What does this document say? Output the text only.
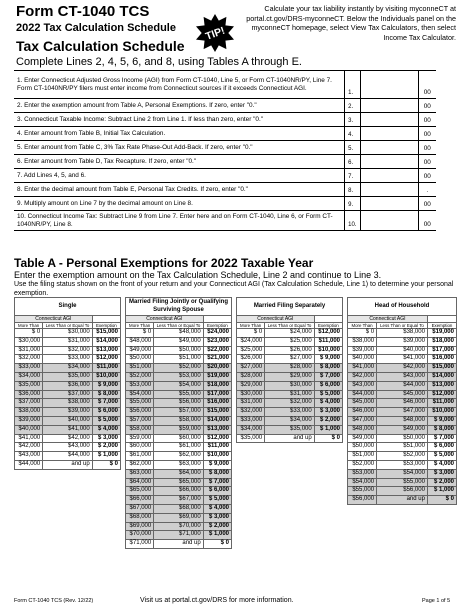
Form CT-1040 TCS
2022 Tax Calculation Schedule	TIP!
Calculate your tax liability instantly by visiting myconneCT at portal.ct.gov/DRS-myconneCT. Below the Individuals panel on the myconneCT homepage, select View Tax Calculators, then select Income Tax Calculator.
Tax Calculation Schedule
Complete Lines 2, 4, 5, 6, and 8, using Tables A through E.
1. Enter Connecticut Adjusted Gross Income (AGI) from Form CT-1040, Line 5, or Form CT-1040NR/PY, Line 7. Form CT-1040NR/PY filers must enter income from Connecticut sources if it exceeds Connecticut AGI.	1.		00
2. Enter the exemption amount from Table A, Personal Exemptions. If zero, enter "0."	2.		00
3. Connecticut Taxable Income: Subtract Line 2 from Line 1. If less than zero, enter "0."	3.		00
4. Enter amount from Table B, Initial Tax Calculation.	4.		00
5. Enter amount from Table C, 3% Tax Rate Phase-Out Add-Back. If zero, enter "0."	5.		00
6. Enter amount from Table D, Tax Recapture. If zero, enter "0."	6.		00
7. Add Lines 4, 5, and 6.	7.		00
8. Enter the decimal amount from Table E, Personal Tax Credits. If zero, enter "0."	8.		.
9. Multiply amount on Line 7 by the decimal amount on Line 8.	9.		00
10. Connecticut Income Tax: Subtract Line 9 from Line 7. Enter here and on Form CT-1040, Line 6, or Form CT-1040NR/PY, Line 8.	10.		00
Table A - Personal Exemptions for 2022 Taxable Year
Enter the exemption amount on the Tax Calculation Schedule, Line 2 and continue to Line 3.
Use the filing status shown on the front of your return and your Connecticut AGI (Tax Calculation Schedule, Line 1) to determine your personal exemption.
Single		
Connecticut AGI		
More Than	Less Than or Equal To	Exemption
$ 0	$30,000	$15,000
$30,000	$31,000	$14,000
$31,000	$32,000	$13,000
$32,000	$33,000	$12,000
$33,000	$34,000	$11,000
$34,000	$35,000	$10,000
$35,000	$36,000	$ 9,000
$36,000	$37,000	$ 8,000
$37,000	$38,000	$ 7,000
$38,000	$39,000	$ 6,000
$39,000	$40,000	$ 5,000
$40,000	$41,000	$ 4,000
$41,000	$42,000	$ 3,000
$42,000	$43,000	$ 2,000
$43,000	$44,000	$ 1,000
$44,000	and up	$ 0
Married Filing Jointly or Qualifying Surviving Spouse		
Connecticut AGI		
More Than	Less Than or Equal To	Exemption
$ 0	$48,000	$24,000
$48,000	$49,000	$23,000
$49,000	$50,000	$22,000
$50,000	$51,000	$21,000
$51,000	$52,000	$20,000
$52,000	$53,000	$19,000
$53,000	$54,000	$18,000
$54,000	$55,000	$17,000
$55,000	$56,000	$16,000
$56,000	$57,000	$15,000
$57,000	$58,000	$14,000
$58,000	$59,000	$13,000
$59,000	$60,000	$12,000
$60,000	$61,000	$11,000
$61,000	$62,000	$10,000
$62,000	$63,000	$ 9,000
$63,000	$64,000	$ 8,000
$64,000	$65,000	$ 7,000
$65,000	$66,000	$ 6,000
$66,000	$67,000	$ 5,000
$67,000	$68,000	$ 4,000
$68,000	$69,000	$ 3,000
$69,000	$70,000	$ 2,000
$70,000	$71,000	$ 1,000
$71,000	and up	$ 0
Married Filing Separately		
Connecticut AGI		
More Than	Less Than or Equal To	Exemption
$ 0	$24,000	$12,000
$24,000	$25,000	$11,000
$25,000	$26,000	$10,000
$26,000	$27,000	$ 9,000
$27,000	$28,000	$ 8,000
$28,000	$29,000	$ 7,000
$29,000	$30,000	$ 6,000
$30,000	$31,000	$ 5,000
$31,000	$32,000	$ 4,000
$32,000	$33,000	$ 3,000
$33,000	$34,000	$ 2,000
$34,000	$35,000	$ 1,000
$35,000	and up	$ 0
Head of Household		
Connecticut AGI		
More Than	Less Than or Equal To	Exemption
$ 0	$38,000	$19,000
$38,000	$39,000	$18,000
$39,000	$40,000	$17,000
$40,000	$41,000	$16,000
$41,000	$42,000	$15,000
$42,000	$43,000	$14,000
$43,000	$44,000	$13,000
$44,000	$45,000	$12,000
$45,000	$46,000	$11,000
$46,000	$47,000	$10,000
$47,000	$48,000	$ 9,000
$48,000	$49,000	$ 8,000
$49,000	$50,000	$ 7,000
$50,000	$51,000	$ 6,000
$51,000	$52,000	$ 5,000
$52,000	$53,000	$ 4,000
$53,000	$54,000	$ 3,000
$54,000	$55,000	$ 2,000
$55,000	$56,000	$ 1,000
$56,000	and up	$ 0
Form CT-1040 TCS (Rev. 12/22)	Visit us at portal.ct.gov/DRS for more information.	Page 1 of 5
